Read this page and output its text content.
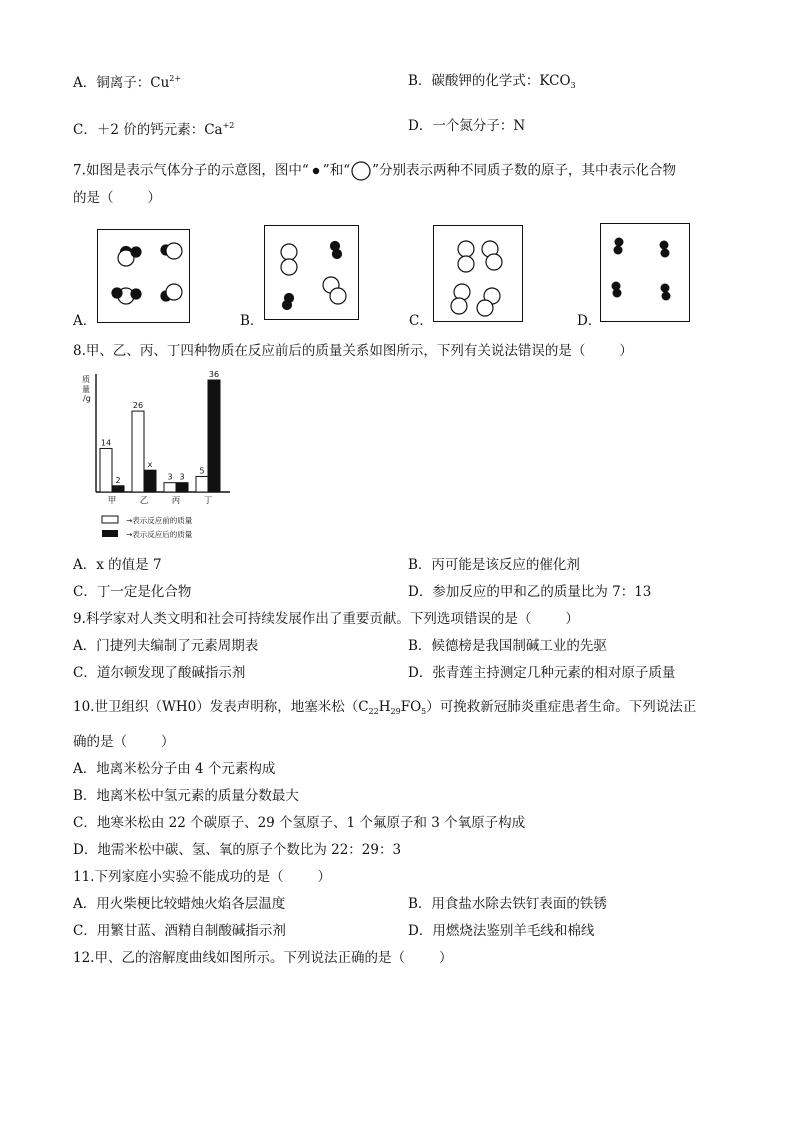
A．铜离子：$Cu^{2+}$	B．碳酸钾的化学式：$KCO_3$
C．＋2 价的钙元素：$Ca^{+2}$	D．一个氮分子：N
7.如图是表示气体分子的示意图，图中“ ”和“ ”分别表示两种不同质子数的原子，其中表示化合物
的是（	）
A．	B．	C．	D．
8.甲、乙、丙、丁四种物质在反应前后的质量关系如图所示，下列有关说法错误的是（	）
质
量
/g
14
2
甲
26
x
乙
3 3
丙
5
36
丁
→表示反应前的质量
→表示反应后的质量
A．x 的值是 7	B．丙可能是该反应的催化剂
C．丁一定是化合物	D．参加反应的甲和乙的质量比为 7：13
9.科学家对人类文明和社会可持续发展作出了重要贡献。下列选项错误的是（	）
A．门捷列夫编制了元素周期表	B．候德榜是我国制碱工业的先驱
C．道尔顿发现了酸碱指示剂	D．张青莲主持测定几种元素的相对原子质量
10.世卫组织（WH0）发表声明称，地塞米松$(C_{22}H_{29}FO_5)$可挽救新冠肺炎重症患者生命。下列说法正
确的是（	）
A．地离米松分子由 4 个元素构成
B．地离米松中氢元素的质量分数最大
C．地寒米松由 22 个碳原子、29 个氢原子、1 个氟原子和 3 个氧原子构成
D．地需米松中碳、氢、氧的原子个数比为 22：29：3
11.下列家庭小实验不能成功的是（	）
A．用火柴梗比较蜡烛火焰各层温度	B．用食盐水除去铁钉表面的铁锈
C．用繁甘蓝、酒精自制酸碱指示剂	D．用燃烧法鉴别羊毛线和棉线
12.甲、乙的溶解度曲线如图所示。下列说法正确的是（	）
